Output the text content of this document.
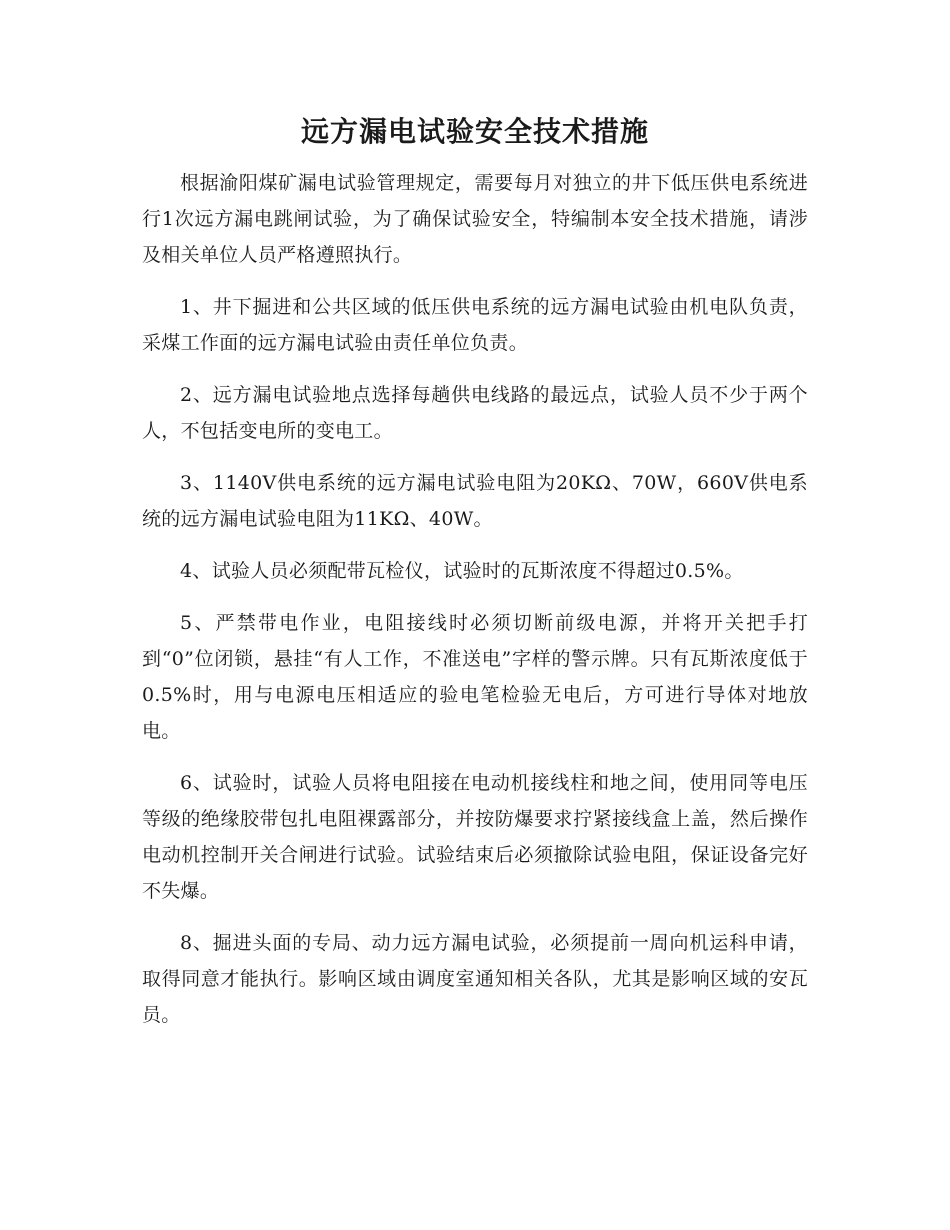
远方漏电试验安全技术措施

根据渝阳煤矿漏电试验管理规定，需要每月对独立的井下低压供电系统进行1次远方漏电跳闸试验，为了确保试验安全，特编制本安全技术措施，请涉及相关单位人员严格遵照执行。

1、井下掘进和公共区域的低压供电系统的远方漏电试验由机电队负责，采煤工作面的远方漏电试验由责任单位负责。

2、远方漏电试验地点选择每趟供电线路的最远点，试验人员不少于两个人，不包括变电所的变电工。

3、1140V供电系统的远方漏电试验电阻为20KΩ、70W，660V供电系统的远方漏电试验电阻为11KΩ、40W。

4、试验人员必须配带瓦检仪，试验时的瓦斯浓度不得超过0.5%。

5、严禁带电作业，电阻接线时必须切断前级电源，并将开关把手打到“0”位闭锁，悬挂“有人工作，不准送电”字样的警示牌。只有瓦斯浓度低于0.5%时，用与电源电压相适应的验电笔检验无电后，方可进行导体对地放电。

6、试验时，试验人员将电阻接在电动机接线柱和地之间，使用同等电压等级的绝缘胶带包扎电阻裸露部分，并按防爆要求拧紧接线盒上盖，然后操作电动机控制开关合闸进行试验。试验结束后必须撤除试验电阻，保证设备完好不失爆。

8、掘进头面的专局、动力远方漏电试验，必须提前一周向机运科申请，取得同意才能执行。影响区域由调度室通知相关各队，尤其是影响区域的安瓦员。
